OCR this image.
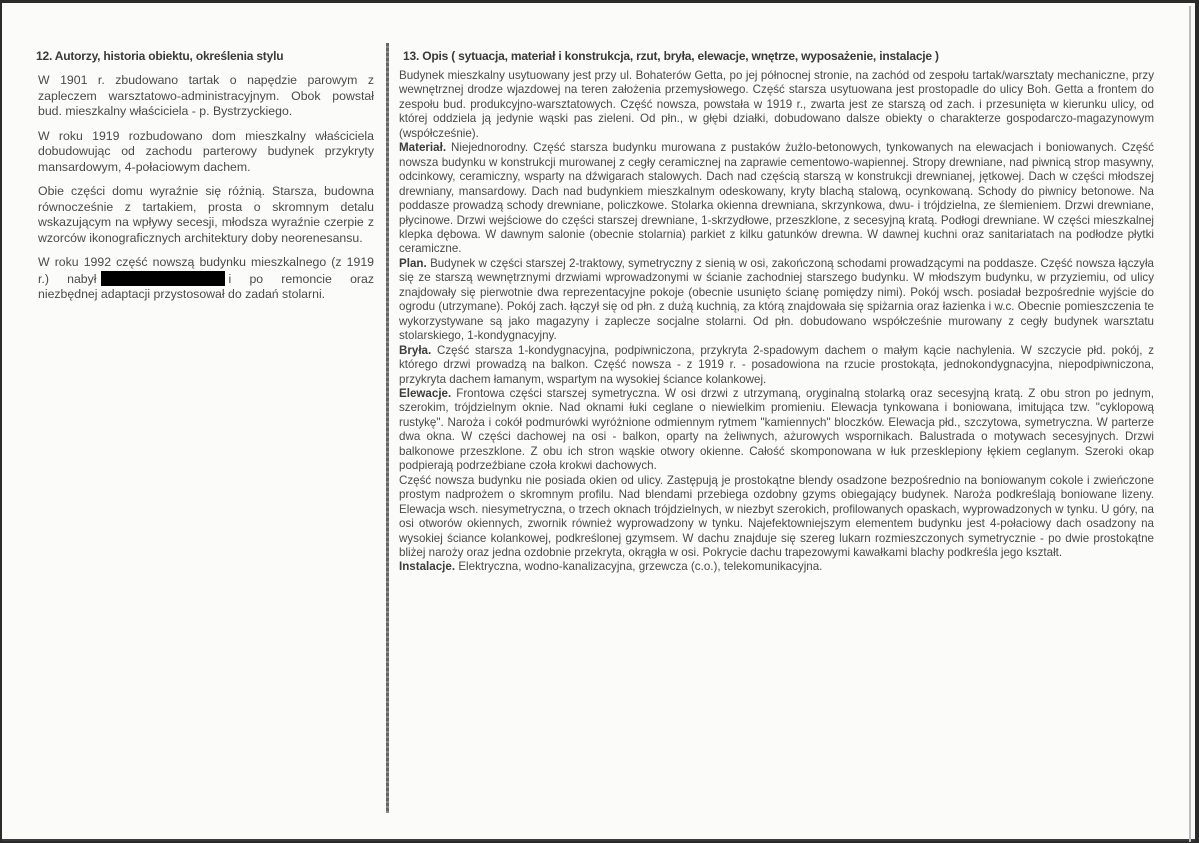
12. Autorzy, historia obiektu, określenia stylu

W 1901 r. zbudowano tartak o napędzie parowym z zapleczem warsztatowo-administracyjnym. Obok powstał bud. mieszkalny właściciela - p. Bystrzyckiego.

W roku 1919 rozbudowano dom mieszkalny właściciela dobudowując od zachodu parterowy budynek przykryty mansardowym, 4-połaciowym dachem.

Obie części domu wyraźnie się różnią. Starsza, budowna równocześnie z tartakiem, prosta o skromnym detalu wskazującym na wpływy secesji, młodsza wyraźnie czerpie z wzorców ikonograficznych architektury doby neorenesansu.

W roku 1992 część nowszą budynku mieszkalnego (z 1919 r.) nabył	i po remoncie oraz niezbędnej adaptacji przystosował do zadań stolarni.

13. Opis ( sytuacja, materiał i konstrukcja, rzut, bryła, elewacje, wnętrze, wyposażenie, instalacje )

Budynek mieszkalny usytuowany jest przy ul. Bohaterów Getta, po jej północnej stronie, na zachód od zespołu tartak/warsztaty mechaniczne, przy wewnętrznej drodze wjazdowej na teren założenia przemysłowego. Część starsza usytuowana jest prostopadle do ulicy Boh. Getta a frontem do zespołu bud. produkcyjno-warsztatowych. Część nowsza, powstała w 1919 r., zwarta jest ze starszą od zach. i przesunięta w kierunku ulicy, od której oddziela ją jedynie wąski pas zieleni. Od płn., w głębi działki, dobudowano dalsze obiekty o charakterze gospodarczo-magazynowym (współcześnie).

Materiał. Niejednorodny. Część starsza budynku murowana z pustaków żużlo-betonowych, tynkowanych na elewacjach i boniowanych. Część nowsza budynku w konstrukcji murowanej z cegły ceramicznej na zaprawie cementowo-wapiennej. Stropy drewniane, nad piwnicą strop masywny, odcinkowy, ceramiczny, wsparty na dźwigarach stalowych. Dach nad częścią starszą w konstrukcji drewnianej, jętkowej. Dach w części młodszej drewniany, mansardowy. Dach nad budynkiem mieszkalnym odeskowany, kryty blachą stalową, ocynkowaną. Schody do piwnicy betonowe. Na poddasze prowadzą schody drewniane, policzkowe. Stolarka okienna drewniana, skrzynkowa, dwu- i trójdzielna, ze ślemieniem. Drzwi drewniane, płycinowe. Drzwi wejściowe do części starszej drewniane, 1-skrzydłowe, przeszklone, z secesyjną kratą. Podłogi drewniane. W części mieszkalnej klepka dębowa. W dawnym salonie (obecnie stolarnia) parkiet z kilku gatunków drewna. W dawnej kuchni oraz sanitariatach na podłodze płytki ceramiczne.

Plan. Budynek w części starszej 2-traktowy, symetryczny z sienią w osi, zakończoną schodami prowadzącymi na poddasze. Część nowsza łączyła się ze starszą wewnętrznymi drzwiami wprowadzonymi w ścianie zachodniej starszego budynku. W młodszym budynku, w przyziemiu, od ulicy znajdowały się pierwotnie dwa reprezentacyjne pokoje (obecnie usunięto ścianę pomiędzy nimi). Pokój wsch. posiadał bezpośrednie wyjście do ogrodu (utrzymane). Pokój zach. łączył się od płn. z dużą kuchnią, za którą znajdowała się spiżarnia oraz łazienka i w.c. Obecnie pomieszczenia te wykorzystywane są jako magazyny i zaplecze socjalne stolarni. Od płn. dobudowano współcześnie murowany z cegły budynek warsztatu stolarskiego, 1-kondygnacyjny.

Bryła. Część starsza 1-kondygnacyjna, podpiwniczona, przykryta 2-spadowym dachem o małym kącie nachylenia. W szczycie płd. pokój, z którego drzwi prowadzą na balkon. Część nowsza - z 1919 r. - posadowiona na rzucie prostokąta, jednokondygnacyjna, niepodpiwniczona, przykryta dachem łamanym, wspartym na wysokiej ściance kolankowej.

Elewacje. Frontowa części starszej symetryczna. W osi drzwi z utrzymaną, oryginalną stolarką oraz secesyjną kratą. Z obu stron po jednym, szerokim, trójdzielnym oknie. Nad oknami łuki ceglane o niewielkim promieniu. Elewacja tynkowana i boniowana, imitująca tzw. "cyklopową rustykę". Naroża i cokół podmurówki wyróżnione odmiennym rytmem "kamiennych" bloczków. Elewacja płd., szczytowa, symetryczna. W parterze dwa okna. W części dachowej na osi - balkon, oparty na żeliwnych, ażurowych wspornikach. Balustrada o motywach secesyjnych. Drzwi balkonowe przeszklone. Z obu ich stron wąskie otwory okienne. Całość skomponowana w łuk przesklepiony łękiem ceglanym. Szeroki okap podpierają podrzeźbiane czoła krokwi dachowych.

Część nowsza budynku nie posiada okien od ulicy. Zastępują je prostokątne blendy osadzone bezpośrednio na boniowanym cokole i zwieńczone prostym nadprożem o skromnym profilu. Nad blendami przebiega ozdobny gzyms obiegający budynek. Naroża podkreślają boniowane lizeny. Elewacja wsch. niesymetryczna, o trzech oknach trójdzielnych, w niezbyt szerokich, profilowanych opaskach, wyprowadzonych w tynku. U góry, na osi otworów okiennych, zwornik również wyprowadzony w tynku. Najefektowniejszym elementem budynku jest 4-połaciowy dach osadzony na wysokiej ściance kolankowej, podkreślonej gzymsem. W dachu znajduje się szereg lukarn rozmieszczonych symetrycznie - po dwie prostokątne bliżej naroży oraz jedna ozdobnie przekryta, okrągła w osi. Pokrycie dachu trapezowymi kawałkami blachy podkreśla jego kształt.

Instalacje. Elektryczna, wodno-kanalizacyjna, grzewcza (c.o.), telekomunikacyjna.
